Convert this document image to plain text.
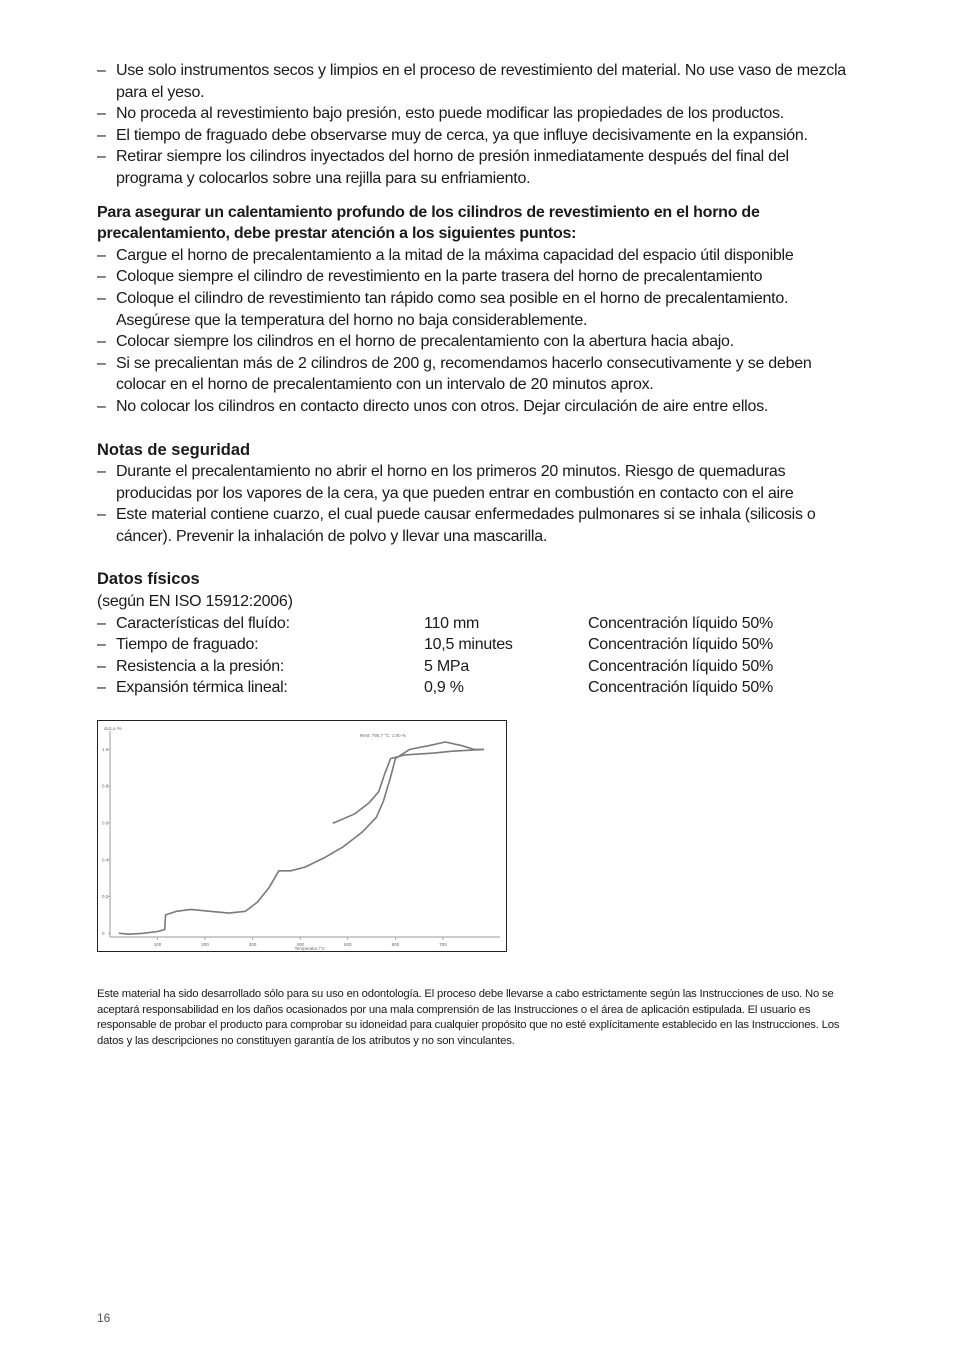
– Use solo instrumentos secos y limpios en el proceso de revestimiento del material. No use vaso de mezcla para el yeso.
– No proceda al revestimiento bajo presión, esto puede modificar las propiedades de los productos.
– El tiempo de fraguado debe observarse muy de cerca, ya que influye decisivamente en la expansión.
– Retirar siempre los cilindros inyectados del horno de presión inmediatamente después del final del programa y colocarlos sobre una rejilla para su enfriamiento.
Para asegurar un calentamiento profundo de los cilindros de revestimiento en el horno de precalentamiento, debe prestar atención a los siguientes puntos:
– Cargue el horno de precalentamiento a la mitad de la máxima capacidad del espacio útil disponible
– Coloque siempre el cilindro de revestimiento en la parte trasera del horno de precalentamiento
– Coloque el cilindro de revestimiento tan rápido como sea posible en el horno de precalentamiento. Asegúrese que la temperatura del horno no baja considerablemente.
– Colocar siempre los cilindros en el horno de precalentamiento con la abertura hacia abajo.
– Si se precalientan más de 2 cilindros de 200 g, recomendamos hacerlo consecutivamente y se deben colocar en el horno de precalentamiento con un intervalo de 20 minutos aprox.
– No colocar los cilindros en contacto directo unos con otros. Dejar circulación de aire entre ellos.
Notas de seguridad
– Durante el precalentamiento no abrir el horno en los primeros 20 minutos. Riesgo de quemaduras producidas por los vapores de la cera, ya que pueden entrar en combustión en contacto con el aire
– Este material contiene cuarzo, el cual puede causar enfermedades pulmonares si se inhala (silicosis o cáncer). Prevenir la inhalación de polvo y llevar una mascarilla.
Datos físicos
(según EN ISO 15912:2006)
– Características del fluído:	110 mm	Concentración líquido 50%
– Tiempo de fraguado:	10,5 minutes	Concentración líquido 50%
– Resistencia a la presión:	5 MPa	Concentración líquido 50%
– Expansión térmica lineal:	0,9 %	Concentración líquido 50%
100	200	300	400	500	600	700
0
0.2
0.4
0.6
0.8
1.0
dL/Lo /%
Temperatur /°C
Rest: 790,7 °C, 1,00 %
Este material ha sido desarrollado sólo para su uso en odontología. El proceso debe llevarse a cabo estrictamente según las Instrucciones de uso. No se aceptará responsabilidad en los daños ocasionados por una mala comprensión de las Instrucciones o el área de aplicación estipulada. El usuario es responsable de probar el producto para comprobar su idoneidad para cualquier propósito que no esté explícitamente establecido en las Instrucciones. Los datos y las descripciones no constituyen garantía de los atributos y no son vinculantes.
16
